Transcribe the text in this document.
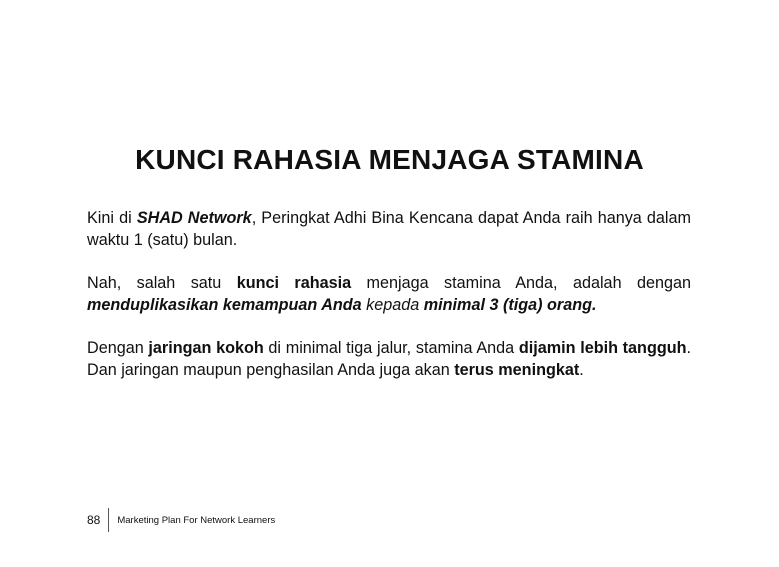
KUNCI RAHASIA MENJAGA STAMINA

Kini di SHAD Network, Peringkat Adhi Bina Kencana dapat Anda raih hanya dalam waktu 1 (satu) bulan.

Nah, salah satu kunci rahasia menjaga stamina Anda, adalah dengan menduplikasikan kemampuan Anda kepada minimal 3 (tiga) orang.

Dengan jaringan kokoh di minimal tiga jalur, stamina Anda dijamin lebih tangguh. Dan jaringan maupun penghasilan Anda juga akan terus meningkat.

88	Marketing Plan For Network Learners
